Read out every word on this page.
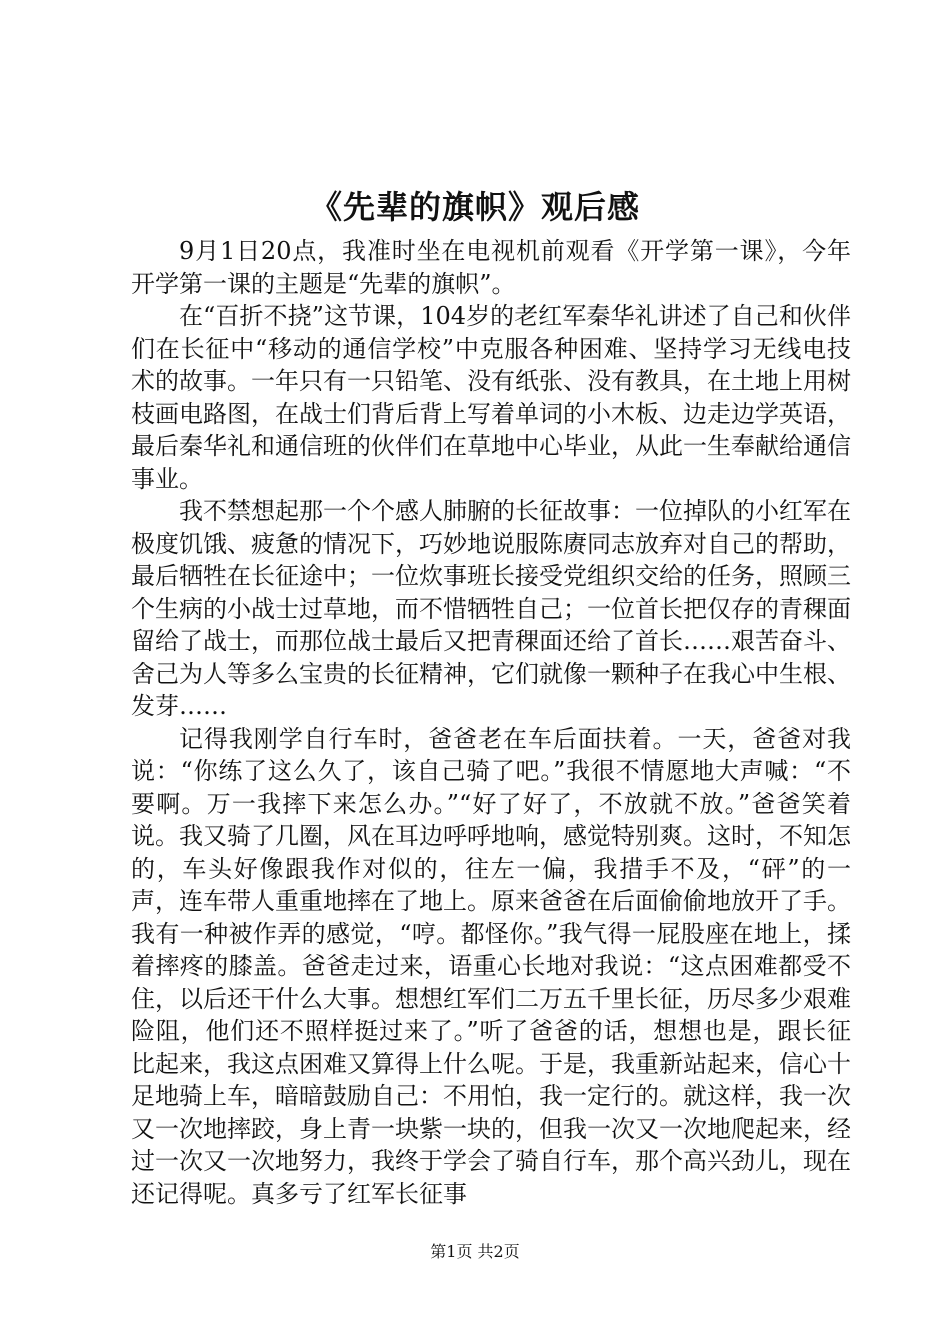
《先辈的旗帜》观后感

9月1日20点，我准时坐在电视机前观看《开学第一课》，今年开学第一课的主题是“先辈的旗帜”。

在“百折不挠”这节课，104岁的老红军秦华礼讲述了自己和伙伴们在长征中“移动的通信学校”中克服各种困难、坚持学习无线电技术的故事。一年只有一只铅笔、没有纸张、没有教具，在土地上用树枝画电路图，在战士们背后背上写着单词的小木板、边走边学英语，最后秦华礼和通信班的伙伴们在草地中心毕业，从此一生奉献给通信事业。

我不禁想起那一个个感人肺腑的长征故事：一位掉队的小红军在极度饥饿、疲惫的情况下，巧妙地说服陈赓同志放弃对自己的帮助，最后牺牲在长征途中；一位炊事班长接受党组织交给的任务，照顾三个生病的小战士过草地，而不惜牺牲自己；一位首长把仅存的青稞面留给了战士，而那位战士最后又把青稞面还给了首长……艰苦奋斗、舍己为人等多么宝贵的长征精神，它们就像一颗种子在我心中生根、发芽……

记得我刚学自行车时，爸爸老在车后面扶着。一天，爸爸对我说：“你练了这么久了，该自己骑了吧。”我很不情愿地大声喊：“不要啊。万一我摔下来怎么办。”“好了好了，不放就不放。”爸爸笑着说。我又骑了几圈，风在耳边呼呼地响，感觉特别爽。这时，不知怎的，车头好像跟我作对似的，往左一偏，我措手不及，“砰”的一声，连车带人重重地摔在了地上。原来爸爸在后面偷偷地放开了手。我有一种被作弄的感觉，“哼。都怪你。”我气得一屁股座在地上，揉着摔疼的膝盖。爸爸走过来，语重心长地对我说：“这点困难都受不住，以后还干什么大事。想想红军们二万五千里长征，历尽多少艰难险阻，他们还不照样挺过来了。”听了爸爸的话，想想也是，跟长征比起来，我这点困难又算得上什么呢。于是，我重新站起来，信心十足地骑上车，暗暗鼓励自己：不用怕，我一定行的。就这样，我一次又一次地摔跤，身上青一块紫一块的，但我一次又一次地爬起来，经过一次又一次地努力，我终于学会了骑自行车，那个高兴劲儿，现在还记得呢。真多亏了红军长征事

第1页 共2页
